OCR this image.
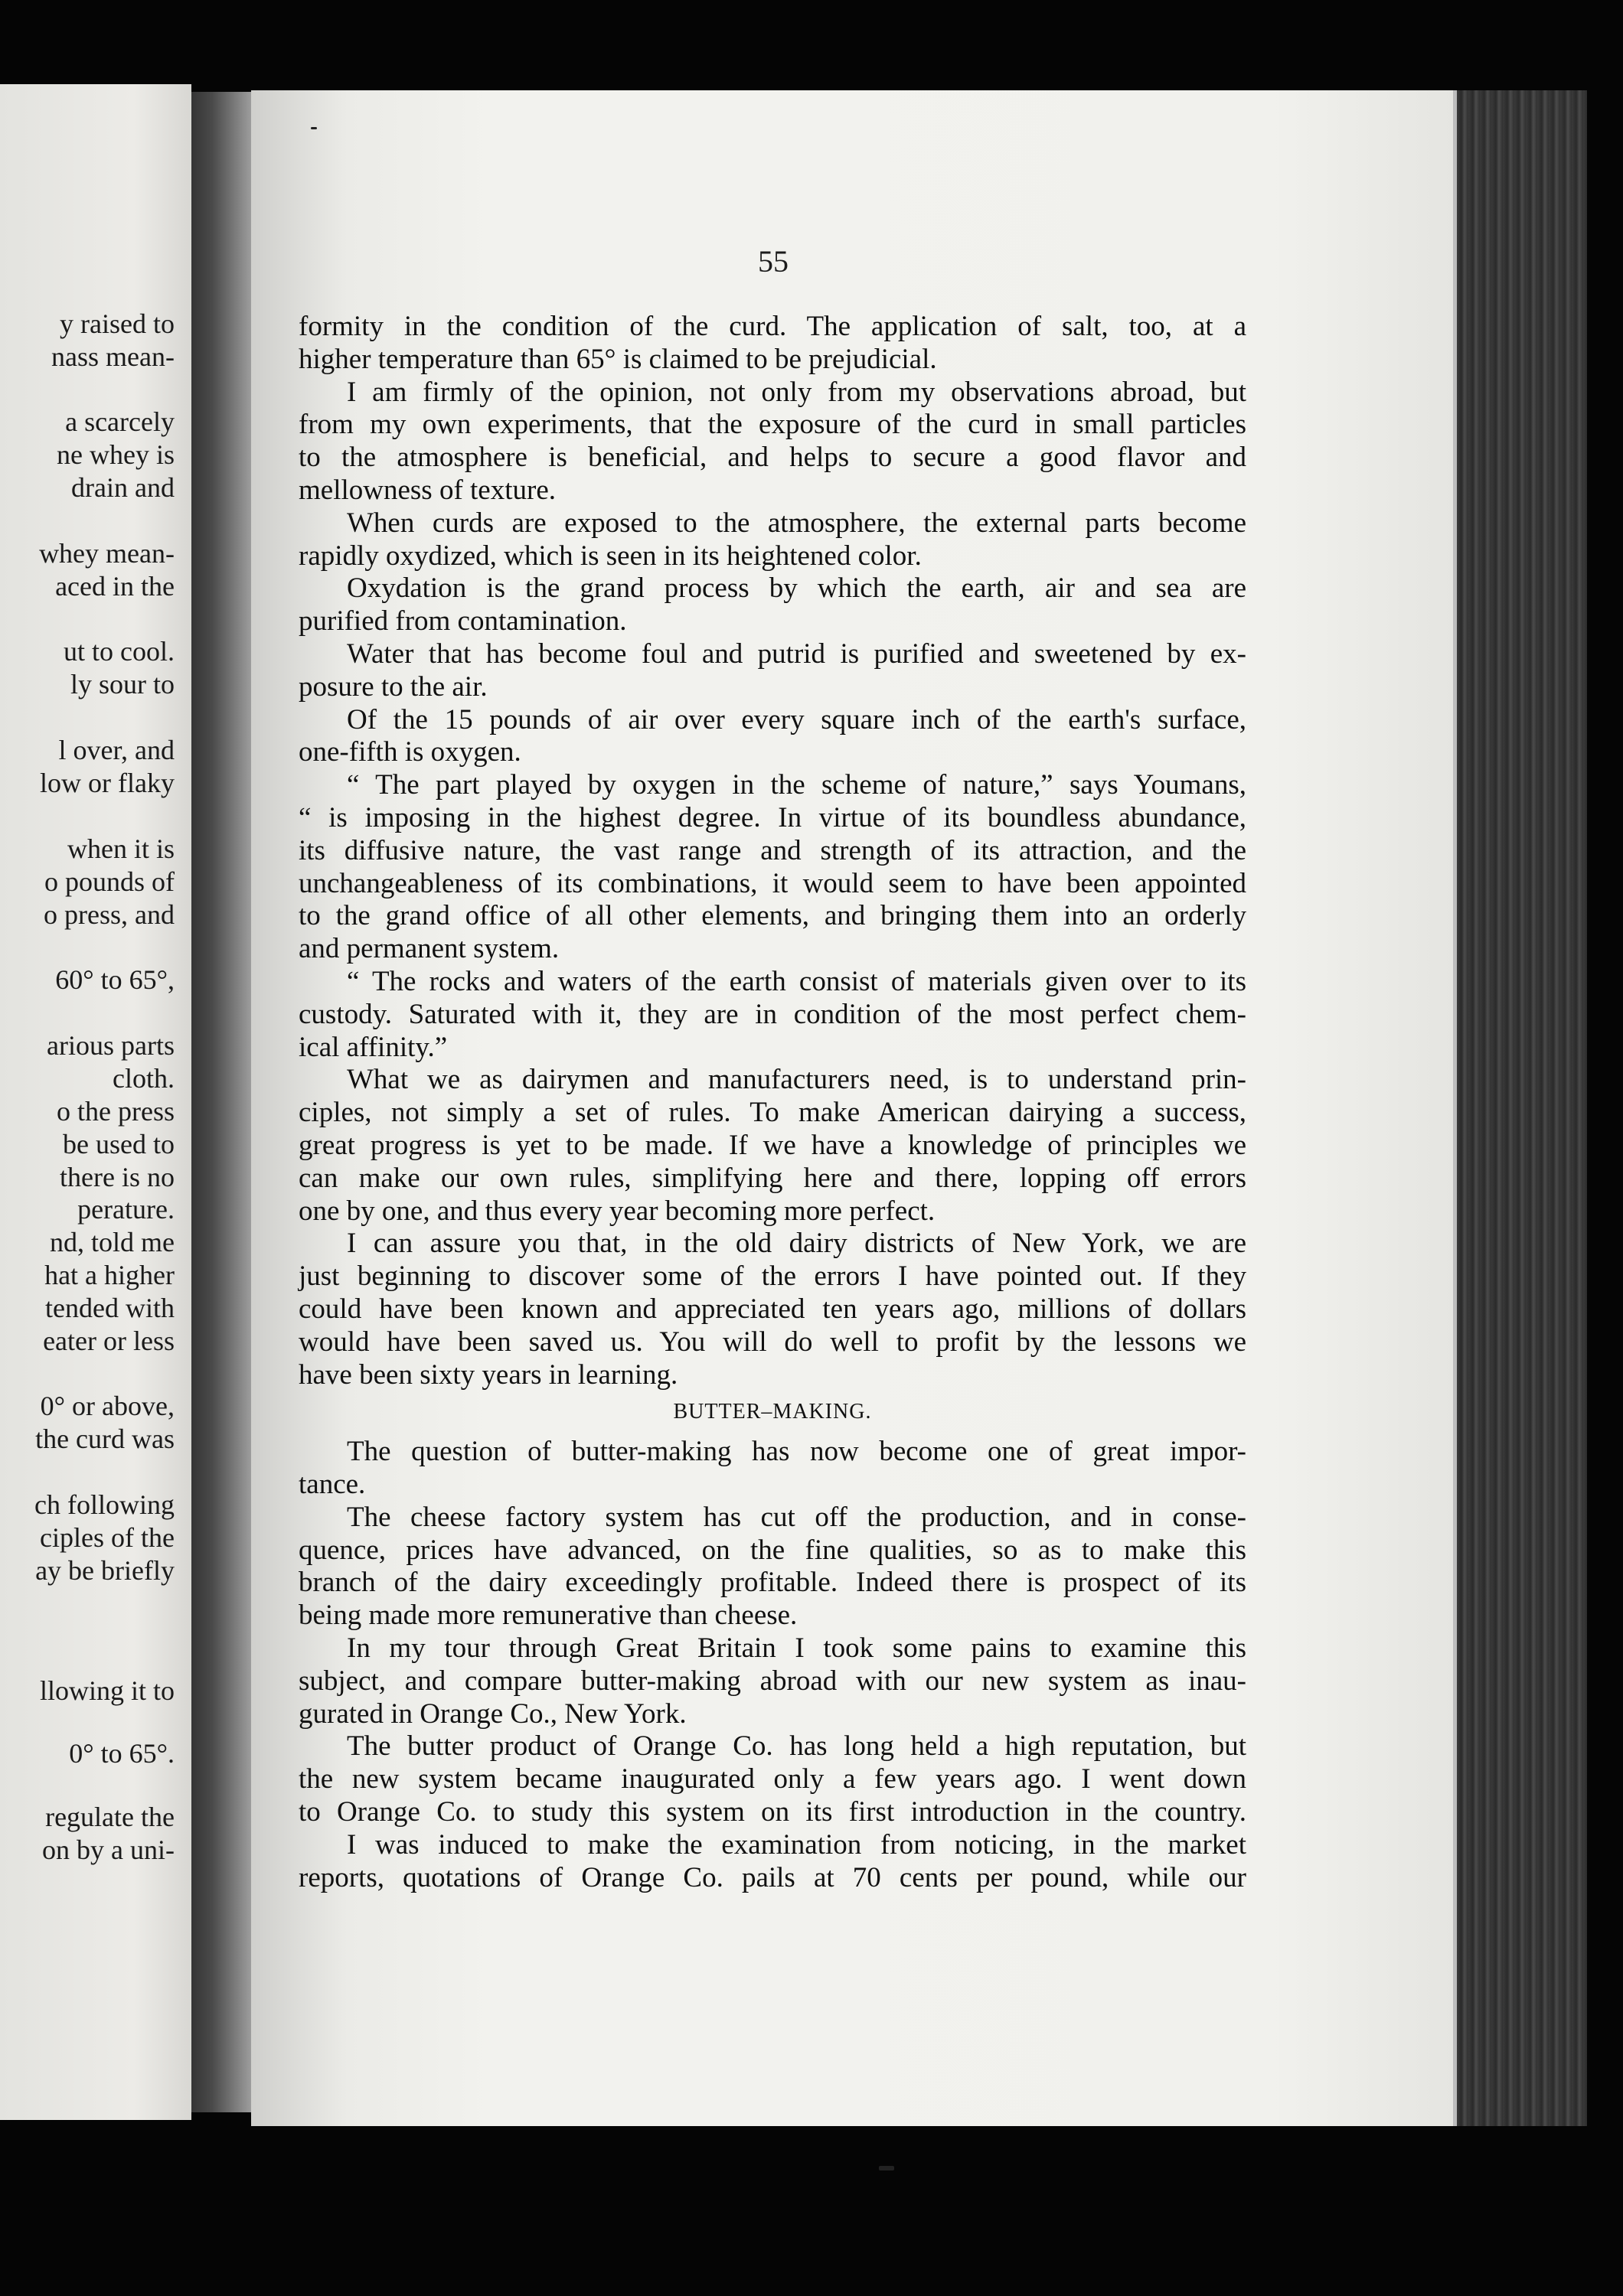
y raised to
nass mean-
a scarcely
ne whey is
drain and
whey mean-
aced in the
ut to cool.
ly sour to
l over, and
low or flaky
when it is
o pounds of
o press, and
60° to 65°,
arious parts
cloth.
o the press
be used to
there is no
perature.
nd, told me
hat a higher
tended with
eater or less
0° or above,
the curd was
ch following
ciples of the
ay be briefly
llowing it to
0° to 65°.
regulate the
on by a uni-
55
formity in the condition of the curd. The application of salt, too, at a
higher temperature than 65° is claimed to be prejudicial.
I am firmly of the opinion, not only from my observations abroad, but
from my own experiments, that the exposure of the curd in small particles
to the atmosphere is beneficial, and helps to secure a good flavor and
mellowness of texture.
When curds are exposed to the atmosphere, the external parts become
rapidly oxydized, which is seen in its heightened color.
Oxydation is the grand process by which the earth, air and sea are
purified from contamination.
Water that has become foul and putrid is purified and sweetened by ex-
posure to the air.
Of the 15 pounds of air over every square inch of the earth's surface,
one-fifth is oxygen.
“ The part played by oxygen in the scheme of nature,” says Youmans,
“ is imposing in the highest degree. In virtue of its boundless abundance,
its diffusive nature, the vast range and strength of its attraction, and the
unchangeableness of its combinations, it would seem to have been appointed
to the grand office of all other elements, and bringing them into an orderly
and permanent system.
“ The rocks and waters of the earth consist of materials given over to its
custody. Saturated with it, they are in condition of the most perfect chem-
ical affinity.”
What we as dairymen and manufacturers need, is to understand prin-
ciples, not simply a set of rules. To make American dairying a success,
great progress is yet to be made. If we have a knowledge of principles we
can make our own rules, simplifying here and there, lopping off errors
one by one, and thus every year becoming more perfect.
I can assure you that, in the old dairy districts of New York, we are
just beginning to discover some of the errors I have pointed out. If they
could have been known and appreciated ten years ago, millions of dollars
would have been saved us. You will do well to profit by the lessons we
have been sixty years in learning.
BUTTER–MAKING.
The question of butter-making has now become one of great impor-
tance.
The cheese factory system has cut off the production, and in conse-
quence, prices have advanced, on the fine qualities, so as to make this
branch of the dairy exceedingly profitable. Indeed there is prospect of its
being made more remunerative than cheese.
In my tour through Great Britain I took some pains to examine this
subject, and compare butter-making abroad with our new system as inau-
gurated in Orange Co., New York.
The butter product of Orange Co. has long held a high reputation, but
the new system became inaugurated only a few years ago. I went down
to Orange Co. to study this system on its first introduction in the country.
I was induced to make the examination from noticing, in the market
reports, quotations of Orange Co. pails at 70 cents per pound, while our
